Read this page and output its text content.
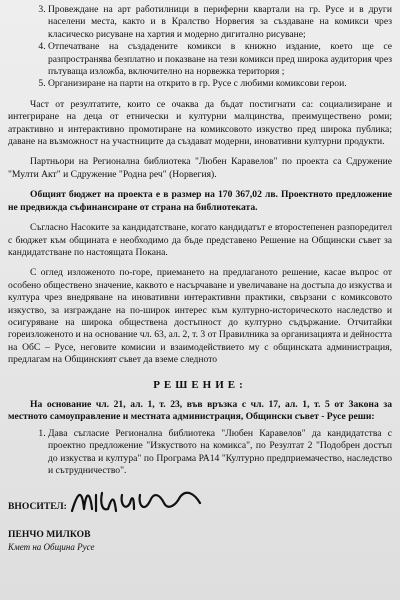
3. Провеждане на арт работилници в периферни квартали на гр. Русе и в други населени места, както и в Кралство Норвегия за създаване на комикси чрез класическо рисуване на хартия и модерно дигитално рисуване;
4. Отпечатване на създадените комикси в книжно издание, което ще се разпространява безплатно и показване на тези комикси пред широка аудитория чрез пътуваща изложба, включително на норвежка територия ;
5. Организиране на парти на открито в гр. Русе с любими комиксови герои.

Част от резултатите, които се очаква да бъдат постигнати са: социализиране и интегриране на деца от етнически и културни малцинства, преимуществено роми; атрактивно и интерактивно промотиране на комиксовото изкуство пред широка публика; даване на възможност на участниците да създават модерни, иновативни културни продукти.

Партньори на Регионална библиотека "Любен Каравелов" по проекта са Сдружение "Мулти Акт" и Сдружение "Родна реч" (Норвегия).

Общият бюджет на проекта е в размер на 170 367,02 лв. Проектното предложение не предвижда съфинансиране от страна на библиотеката.

Съгласно Насоките за кандидатстване, когато кандидатът е второстепенен разпоредител с бюджет към общината е необходимо да бъде представено Решение на Общински съвет за кандидатстване по настоящата Покана.

С оглед изложеното по-горе, приемането на предлаганото решение, касае въпрос от особено обществено значение, каквото е насърчаване и увеличаване на достъпа до изкуства и култура чрез внедряване на иновативни интерактивни практики, свързани с комиксовото изкуство, за изграждане на по-широк интерес към културно-историческото наследство и осигуряване на широка обществена достъпност до културно съдържание. Отчитайки гореизложеното и на основание чл. 63, ал. 2, т. 3 от Правилника за организацията и дейността на ОбС – Русе, неговите комисии и взаимодействието му с общинската администрация, предлагам на Общинският съвет да вземе следното

РЕШЕНИЕ:

На основание чл. 21, ал. 1, т. 23, във връзка с чл. 17, ал. 1, т. 5 от Закона за местното самоуправление и местната администрация, Общински съвет - Русе реши:

1. Дава съгласие Регионална библиотека "Любен Каравелов" да кандидатства с проектно предложение "Изкуството на комикса", по Резултат 2 "Подобрен достъп до изкуства и култура" по Програма РА14 "Културно предприемачество, наследство и сътрудничество".
ВНОСИТЕЛ:
ПЕНЧО МИЛКОВ
Кмет на Община Русе
